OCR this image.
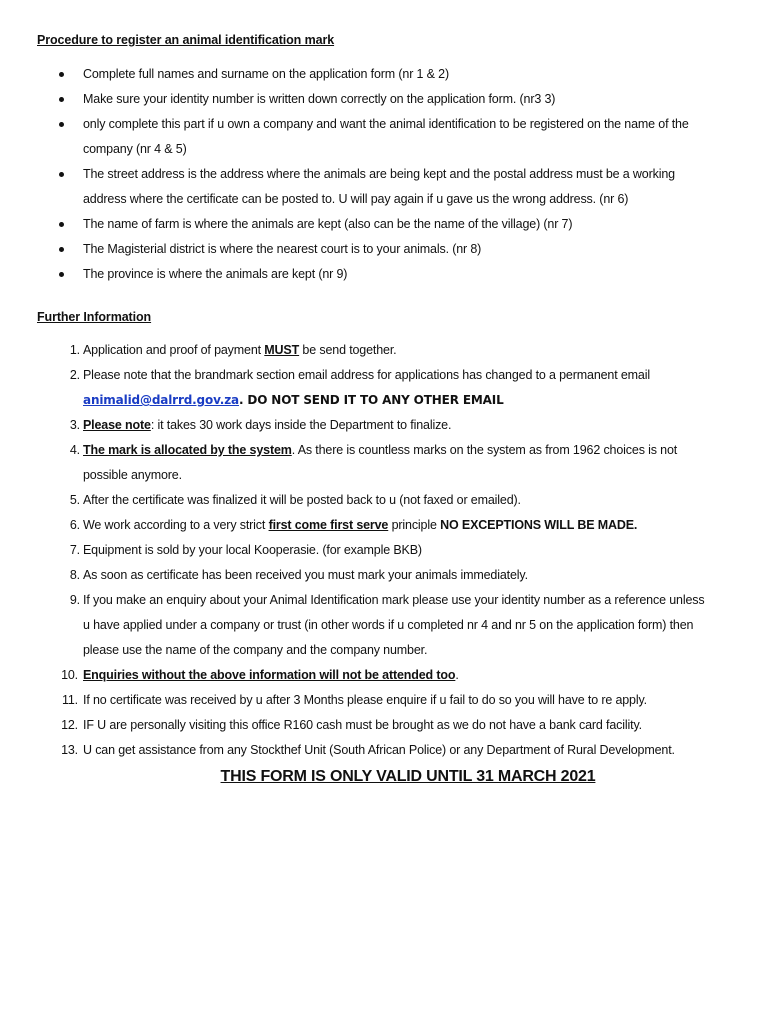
Procedure to register an animal identification mark
Complete full names and surname on the application form (nr 1 & 2)
Make sure your identity number is written down correctly on the application form. (nr3 3)
only complete this part if u own a company and want the animal identification to be registered on the name of the company (nr 4 & 5)
The street address is the address where the animals are being kept and the postal address must be a working address where the certificate can be posted to. U will pay again if u gave us the wrong address. (nr 6)
The name of farm is where the animals are kept (also can be the name of the village) (nr 7)
The Magisterial district is where the nearest court is to your animals. (nr 8)
The province is where the animals are kept (nr 9)
Further Information
1. Application and proof of payment MUST be send together.
2. Please note that the brandmark section email address for applications has changed to a permanent email animalid@dalrrd.gov.za. DO NOT SEND IT TO ANY OTHER EMAIL
3. Please note: it takes 30 work days inside the Department to finalize.
4. The mark is allocated by the system. As there is countless marks on the system as from 1962 choices is not possible anymore.
5. After the certificate was finalized it will be posted back to u (not faxed or emailed).
6. We work according to a very strict first come first serve principle NO EXCEPTIONS WILL BE MADE.
7. Equipment is sold by your local Kooperasie. (for example BKB)
8. As soon as certificate has been received you must mark your animals immediately.
9. If you make an enquiry about your Animal Identification mark please use your identity number as a reference unless u have applied under a company or trust (in other words if u completed nr 4 and nr 5 on the application form) then please use the name of the company and the company number.
10. Enquiries without the above information will not be attended too.
11. If no certificate was received by u after 3 Months please enquire if u fail to do so you will have to re apply.
12. IF U are personally visiting this office R160 cash must be brought as we do not have a bank card facility.
13. U can get assistance from any Stockthef Unit (South African Police) or any Department of Rural Development.
THIS FORM IS ONLY VALID UNTIL 31 MARCH 2021
